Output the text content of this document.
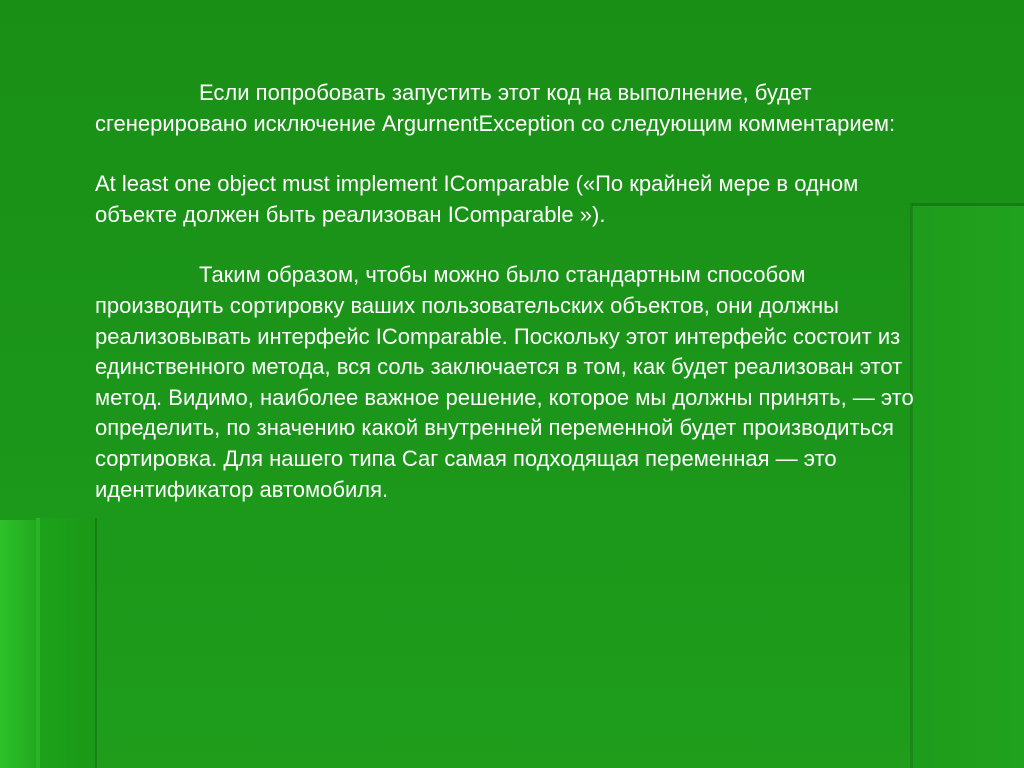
Если попробовать запустить этот код на выполнение, будет сгенерировано исключение ArgurnentException со следующим комментарием:

At least one object must implement IComparable («По крайней мере в одном объекте должен быть реализован IComparable »).

Таким образом, чтобы можно было стандартным способом производить сортировку ваших пользовательских объектов, они должны реализовывать интерфейс IComparable. Поскольку этот интерфейс состоит из единственного метода, вся соль заключается в том, как будет реализован этот метод. Видимо, наиболее важное решение, которое мы должны принять, — это определить, по значению какой внутренней переменной будет производиться сортировка. Для нашего типа Саг самая подходящая переменная — это идентификатор автомобиля.
